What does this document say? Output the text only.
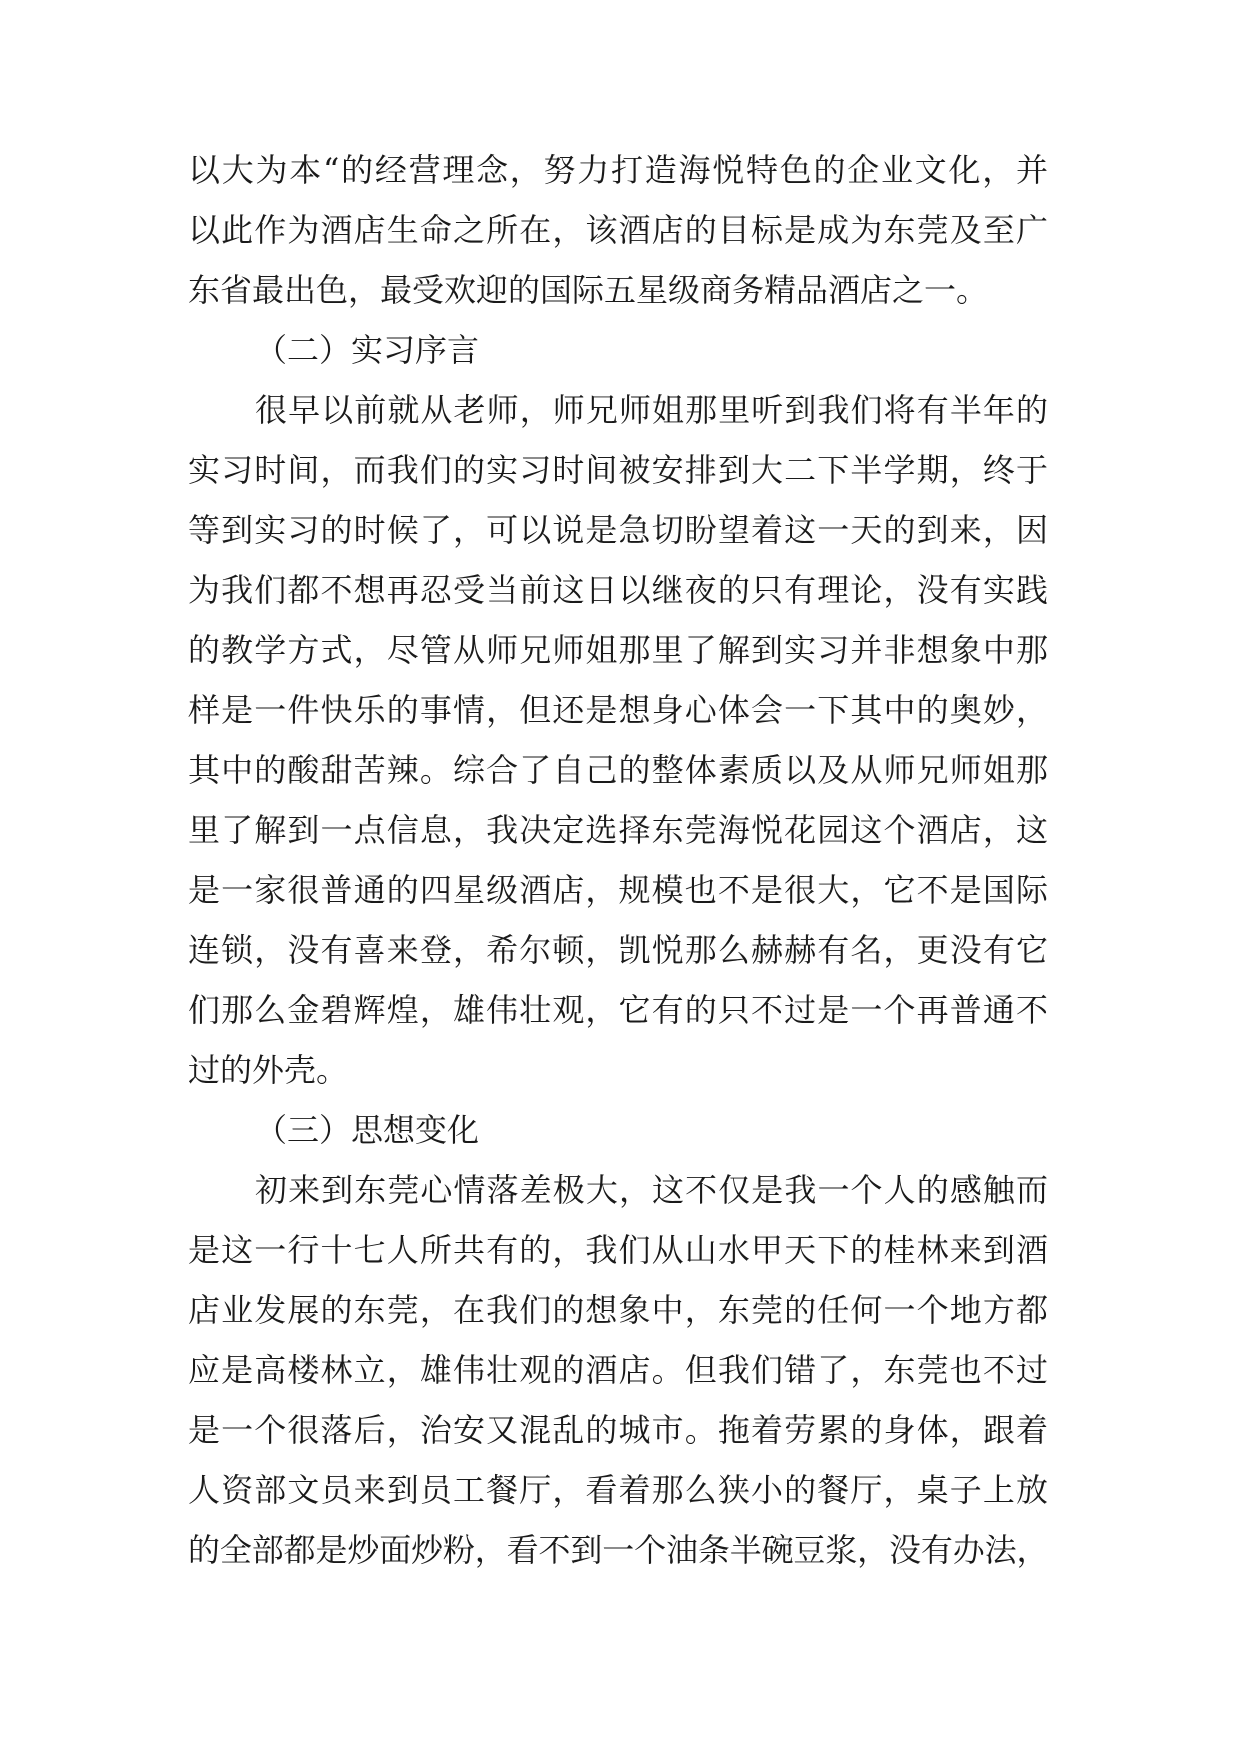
以大为本“的经营理念，努力打造海悦特色的企业文化，并
以此作为酒店生命之所在，该酒店的目标是成为东莞及至广
东省最出色，最受欢迎的国际五星级商务精品酒店之一。
（二）实习序言
很早以前就从老师，师兄师姐那里听到我们将有半年的
实习时间，而我们的实习时间被安排到大二下半学期，终于
等到实习的时候了，可以说是急切盼望着这一天的到来，因
为我们都不想再忍受当前这日以继夜的只有理论，没有实践
的教学方式，尽管从师兄师姐那里了解到实习并非想象中那
样是一件快乐的事情，但还是想身心体会一下其中的奥妙，
其中的酸甜苦辣。综合了自己的整体素质以及从师兄师姐那
里了解到一点信息，我决定选择东莞海悦花园这个酒店，这
是一家很普通的四星级酒店，规模也不是很大，它不是国际
连锁，没有喜来登，希尔顿，凯悦那么赫赫有名，更没有它
们那么金碧辉煌，雄伟壮观，它有的只不过是一个再普通不
过的外壳。
（三）思想变化
初来到东莞心情落差极大，这不仅是我一个人的感触而
是这一行十七人所共有的，我们从山水甲天下的桂林来到酒
店业发展的东莞，在我们的想象中，东莞的任何一个地方都
应是高楼林立，雄伟壮观的酒店。但我们错了，东莞也不过
是一个很落后，治安又混乱的城市。拖着劳累的身体，跟着
人资部文员来到员工餐厅，看着那么狭小的餐厅，桌子上放
的全部都是炒面炒粉，看不到一个油条半碗豆浆，没有办法，
